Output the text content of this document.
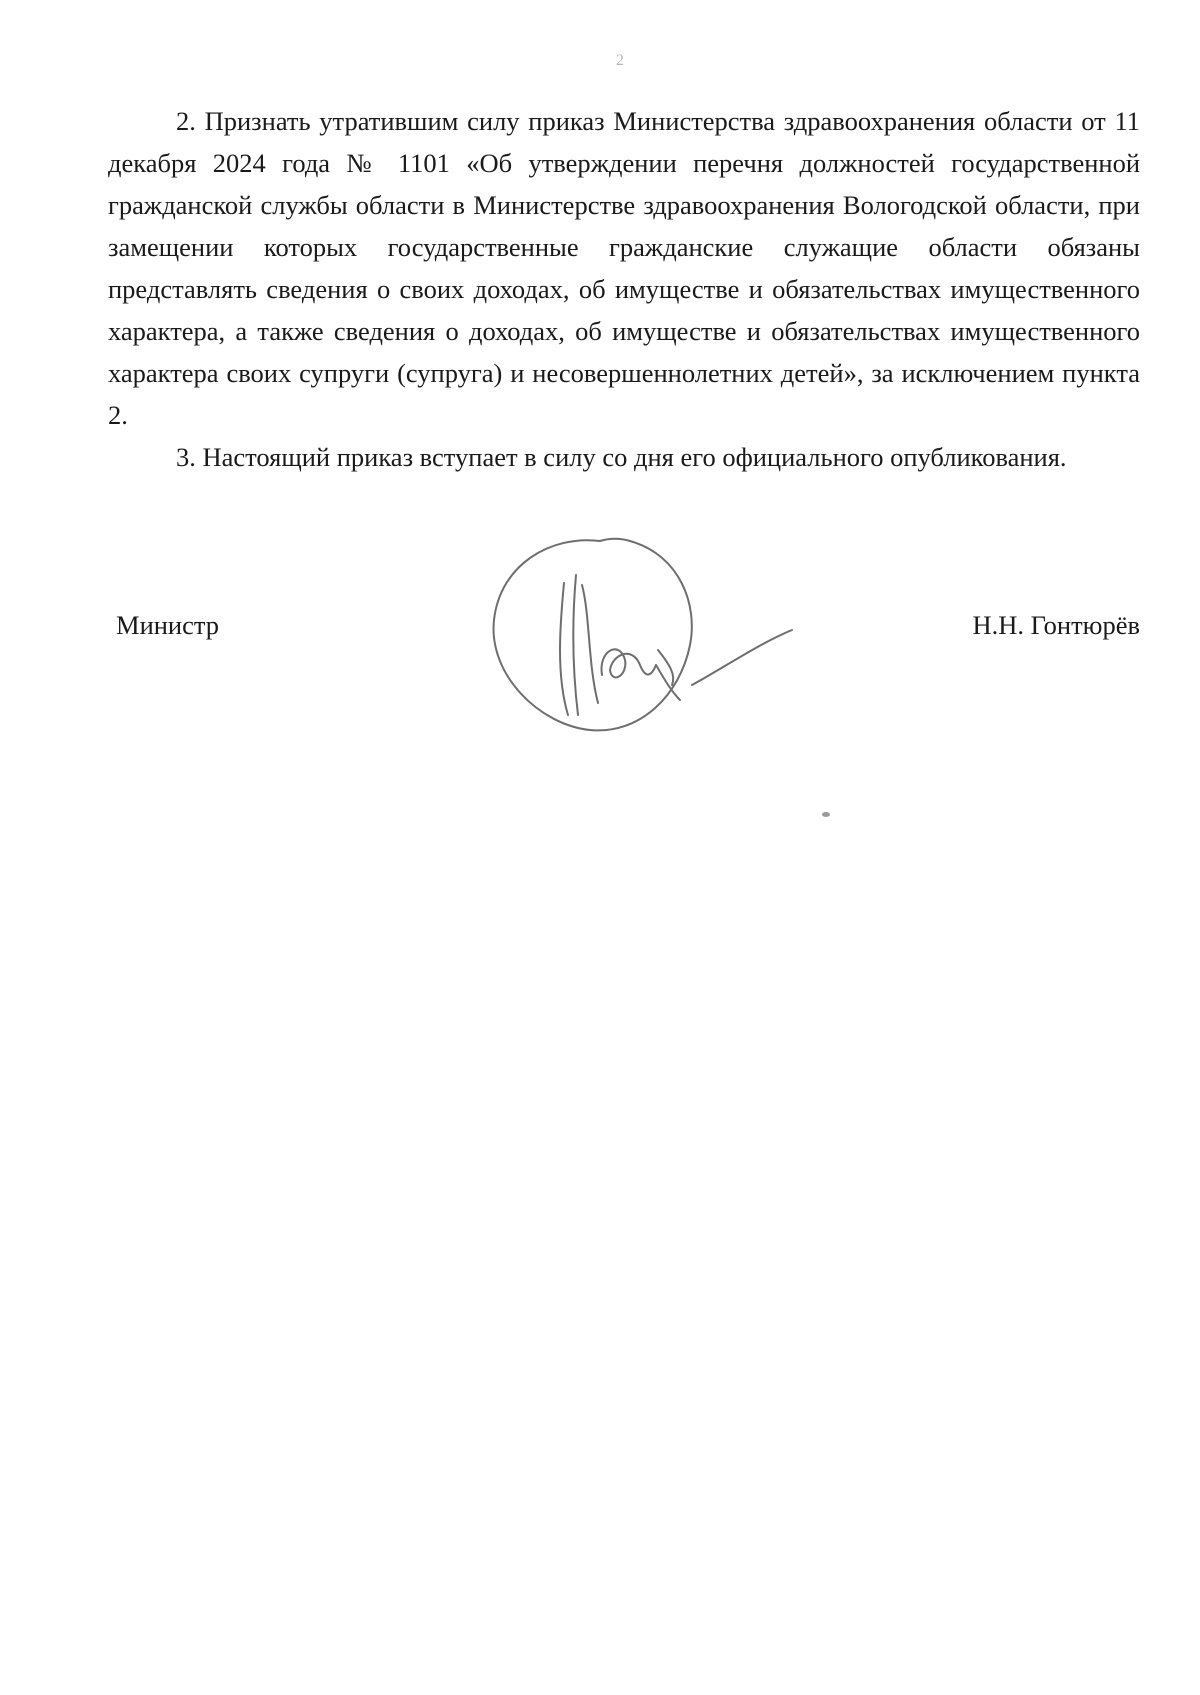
2

2. Признать утратившим силу приказ Министерства здравоохранения области от 11 декабря 2024 года № 1101 «Об утверждении перечня должностей государственной гражданской службы области в Министерстве здравоохранения Вологодской области, при замещении которых государственные гражданские служащие области обязаны представлять сведения о своих доходах, об имуществе и обязательствах имущественного характера, а также сведения о доходах, об имуществе и обязательствах имущественного характера своих супруги (супруга) и несовершеннолетних детей», за исключением пункта 2.

3. Настоящий приказ вступает в силу со дня его официального опубликования.

Министр	Н.Н. Гонтюрёв
